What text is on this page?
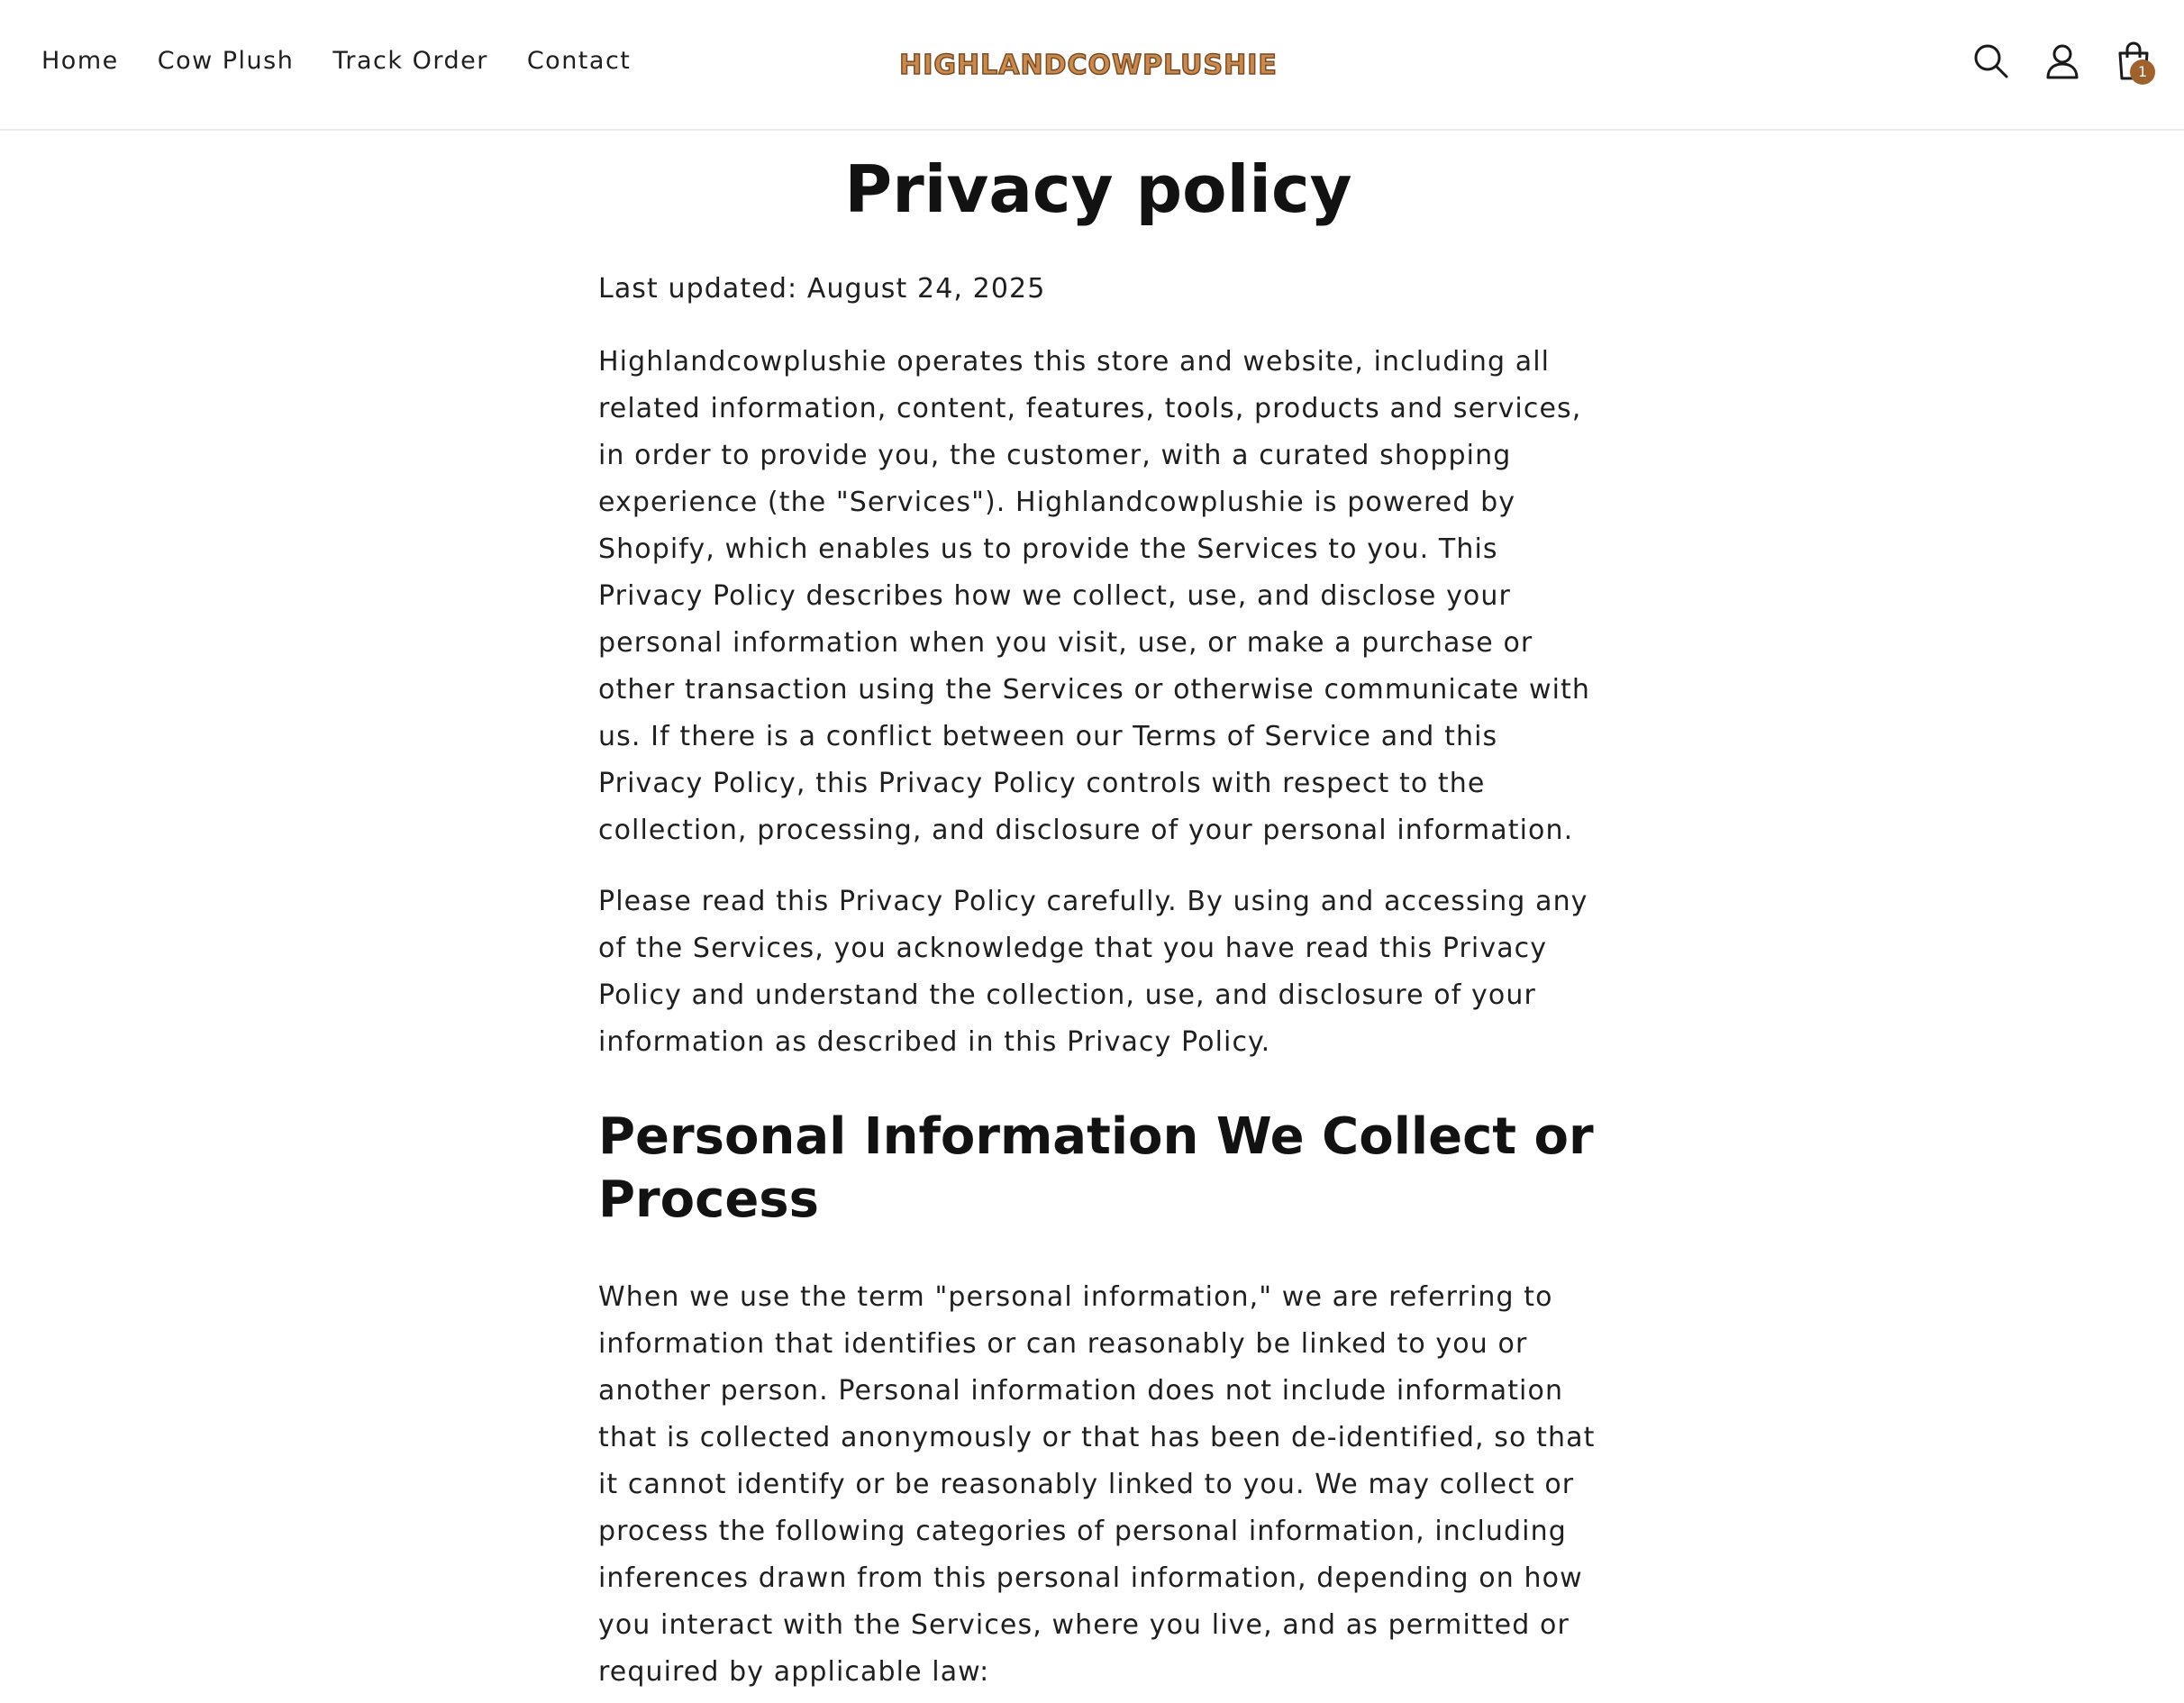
Home Cow Plush Track Order Contact	HIGHLANDCOWPLUSHIE	1
Privacy policy

Last updated: August 24, 2025

Highlandcowplushie operates this store and website, including all related information, content, features, tools, products and services, in order to provide you, the customer, with a curated shopping experience (the "Services"). Highlandcowplushie is powered by Shopify, which enables us to provide the Services to you. This Privacy Policy describes how we collect, use, and disclose your personal information when you visit, use, or make a purchase or other transaction using the Services or otherwise communicate with us. If there is a conflict between our Terms of Service and this Privacy Policy, this Privacy Policy controls with respect to the collection, processing, and disclosure of your personal information.

Please read this Privacy Policy carefully. By using and accessing any of the Services, you acknowledge that you have read this Privacy Policy and understand the collection, use, and disclosure of your information as described in this Privacy Policy.

Personal Information We Collect or Process

When we use the term "personal information," we are referring to information that identifies or can reasonably be linked to you or another person. Personal information does not include information that is collected anonymously or that has been de-identified, so that it cannot identify or be reasonably linked to you. We may collect or process the following categories of personal information, including inferences drawn from this personal information, depending on how you interact with the Services, where you live, and as permitted or required by applicable law:
